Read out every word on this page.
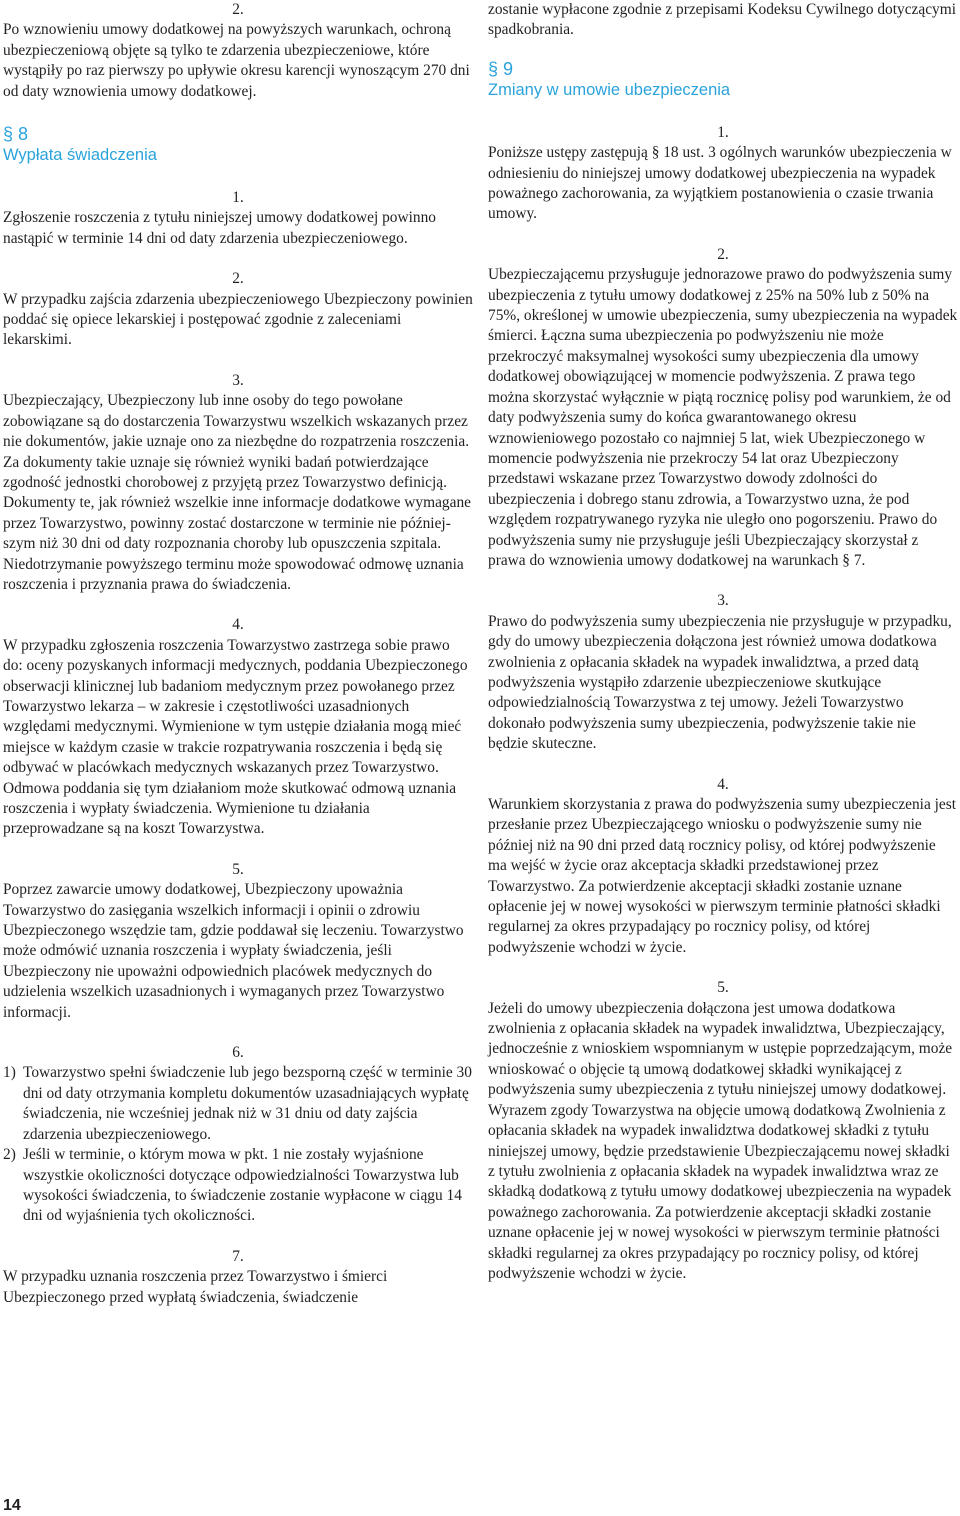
2.

Po wznowieniu umowy dodatkowej na powyższych warunkach, ochroną ubezpieczeniową objęte są tylko te zdarzenia ubezpieczeniowe, które wystąpiły po raz pierwszy po upływie okresu karencji wynoszącym 270 dni od daty wznowienia umowy dodatkowej.

§ 8
Wypłata świadczenia

1.

Zgłoszenie roszczenia z tytułu niniejszej umowy dodatkowej powinno nastąpić w terminie 14 dni od daty zdarzenia ubezpieczeniowego.

2.

W przypadku zajścia zdarzenia ubezpieczeniowego Ubezpieczony powinien poddać się opiece lekarskiej i postępować zgodnie z zaleceniami lekarskimi.

3.

Ubezpieczający, Ubezpieczony lub inne osoby do tego powołane zobowiązane są do dostarczenia Towarzystwu wszelkich wskazanych przez nie dokumentów, jakie uznaje ono za niezbędne do rozpatrzenia roszczenia. Za dokumenty takie uznaje się również wyniki badań potwierdzające zgodność jednostki chorobowej z przyjętą przez Towarzystwo definicją. Dokumenty te, jak również wszelkie inne informacje dodatkowe wymagane przez Towarzystwo, powinny zostać dostarczone w terminie nie późniejszym niż 30 dni od daty rozpoznania choroby lub opuszczenia szpitala. Niedotrzymanie powyższego terminu może spowodować odmowę uznania roszczenia i przyznania prawa do świadczenia.

4.

W przypadku zgłoszenia roszczenia Towarzystwo zastrzega sobie prawo do: oceny pozyskanych informacji medycznych, poddania Ubezpieczonego obserwacji klinicznej lub badaniom medycznym przez powołanego przez Towarzystwo lekarza – w zakresie i częstotliwości uzasadnionych względami medycznymi. Wymienione w tym ustępie działania mogą mieć miejsce w każdym czasie w trakcie rozpatrywania roszczenia i będą się odbywać w placówkach medycznych wskazanych przez Towarzystwo. Odmowa poddania się tym działaniom może skutkować odmową uznania roszczenia i wypłaty świadczenia. Wymienione tu działania przeprowadzane są na koszt Towarzystwa.

5.

Poprzez zawarcie umowy dodatkowej, Ubezpieczony upoważnia Towarzystwo do zasięgania wszelkich informacji i opinii o zdrowiu Ubezpieczonego wszędzie tam, gdzie poddawał się leczeniu. Towarzystwo może odmówić uznania roszczenia i wypłaty świadczenia, jeśli Ubezpieczony nie upoważni odpowiednich placówek medycznych do udzielenia wszelkich uzasadnionych i wymaganych przez Towarzystwo informacji.

6.

1) Towarzystwo spełni świadczenie lub jego bezsporną część w terminie 30 dni od daty otrzymania kompletu dokumentów uzasadniających wypłatę świadczenia, nie wcześniej jednak niż w 31 dniu od daty zajścia zdarzenia ubezpieczeniowego.
2) Jeśli w terminie, o którym mowa w pkt. 1 nie zostały wyjaśnione wszystkie okoliczności dotyczące odpowiedzialności Towarzystwa lub wysokości świadczenia, to świadczenie zostanie wypłacone w ciągu 14 dni od wyjaśnienia tych okoliczności.

7.

W przypadku uznania roszczenia przez Towarzystwo i śmierci Ubezpieczonego przed wypłatą świadczenia, świadczenie

zostanie wypłacone zgodnie z przepisami Kodeksu Cywilnego dotyczącymi spadkobrania.

§ 9
Zmiany w umowie ubezpieczenia

1.

Poniższe ustępy zastępują § 18 ust. 3 ogólnych warunków ubezpieczenia w odniesieniu do niniejszej umowy dodatkowej ubezpieczenia na wypadek poważnego zachorowania, za wyjątkiem postanowienia o czasie trwania umowy.

2.

Ubezpieczającemu przysługuje jednorazowe prawo do podwyższenia sumy ubezpieczenia z tytułu umowy dodatkowej z 25% na 50% lub z 50% na 75%, określonej w umowie ubezpieczenia, sumy ubezpieczenia na wypadek śmierci. Łączna suma ubezpieczenia po podwyższeniu nie może przekroczyć maksymalnej wysokości sumy ubezpieczenia dla umowy dodatkowej obowiązującej w momencie podwyższenia. Z prawa tego można skorzystać wyłącznie w piątą rocznicę polisy pod warunkiem, że od daty podwyższenia sumy do końca gwarantowanego okresu wznowieniowego pozostało co najmniej 5 lat, wiek Ubezpieczonego w momencie podwyższenia nie przekroczy 54 lat oraz Ubezpieczony przedstawi wskazane przez Towarzystwo dowody zdolności do ubezpieczenia i dobrego stanu zdrowia, a Towarzystwo uzna, że pod względem rozpatrywanego ryzyka nie uległo ono pogorszeniu. Prawo do podwyższenia sumy nie przysługuje jeśli Ubezpieczający skorzystał z prawa do wznowienia umowy dodatkowej na warunkach § 7.

3.

Prawo do podwyższenia sumy ubezpieczenia nie przysługuje w przypadku, gdy do umowy ubezpieczenia dołączona jest również umowa dodatkowa zwolnienia z opłacania składek na wypadek inwalidztwa, a przed datą podwyższenia wystąpiło zdarzenie ubezpieczeniowe skutkujące odpowiedzialnością Towarzystwa z tej umowy. Jeżeli Towarzystwo dokonało podwyższenia sumy ubezpieczenia, podwyższenie takie nie będzie skuteczne.

4.

Warunkiem skorzystania z prawa do podwyższenia sumy ubezpieczenia jest przesłanie przez Ubezpieczającego wniosku o podwyższenie sumy nie później niż na 90 dni przed datą rocznicy polisy, od której podwyższenie ma wejść w życie oraz akceptacja składki przedstawionej przez Towarzystwo. Za potwierdzenie akceptacji składki zostanie uznane opłacenie jej w nowej wysokości w pierwszym terminie płatności składki regularnej za okres przypadający po rocznicy polisy, od której podwyższenie wchodzi w życie.

5.

Jeżeli do umowy ubezpieczenia dołączona jest umowa dodatkowa zwolnienia z opłacania składek na wypadek inwalidztwa, Ubezpieczający, jednocześnie z wnioskiem wspomnianym w ustępie poprzedzającym, może wnioskować o objęcie tą umową dodatkowej składki wynikającej z podwyższenia sumy ubezpieczenia z tytułu niniejszej umowy dodatkowej. Wyrazem zgody Towarzystwa na objęcie umową dodatkową Zwolnienia z opłacania składek na wypadek inwalidztwa dodatkowej składki z tytułu niniejszej umowy, będzie przedstawienie Ubezpieczającemu nowej składki z tytułu zwolnienia z opłacania składek na wypadek inwalidztwa wraz ze składką dodatkową z tytułu umowy dodatkowej ubezpieczenia na wypadek poważnego zachorowania. Za potwierdzenie akceptacji składki zostanie uznane opłacenie jej w nowej wysokości w pierwszym terminie płatności składki regularnej za okres przypadający po rocznicy polisy, od której podwyższenie wchodzi w życie.

14
